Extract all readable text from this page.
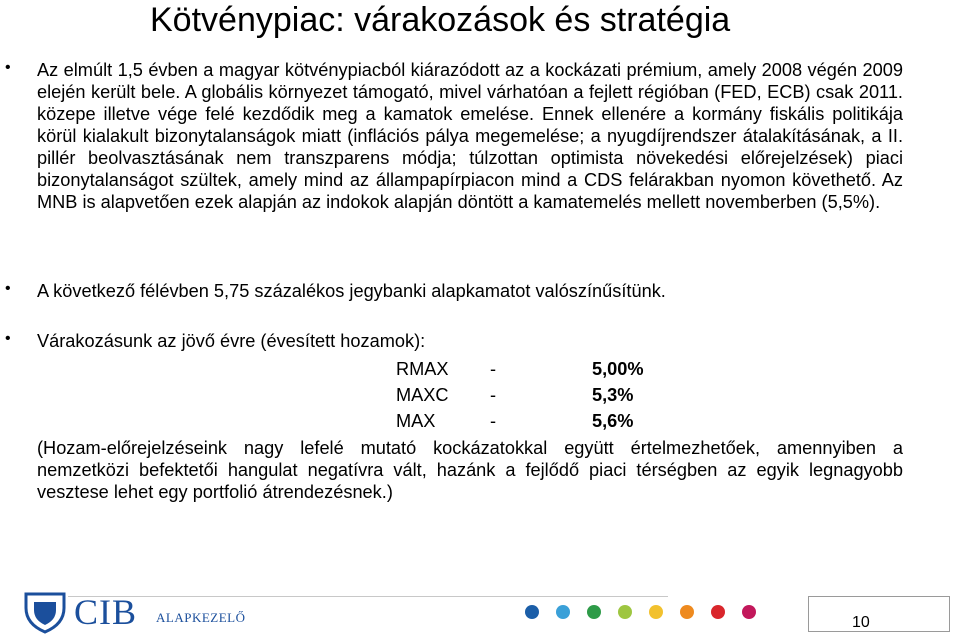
Kötvénypiac: várakozások és stratégia
• Az elmúlt 1,5 évben a magyar kötvénypiacból kiárazódott az a kockázati prémium, amely 2008 végén 2009 elején került bele. A globális környezet támogató, mivel várhatóan a fejlett régióban (FED, ECB) csak 2011. közepe illetve vége felé kezdődik meg a kamatok emelése. Ennek ellenére a kormány fiskális politikája körül kialakult bizonytalanságok miatt (inflációs pálya megemelése; a nyugdíjrendszer átalakításának, a II. pillér beolvasztásának nem transzparens módja; túlzottan optimista növekedési előrejelzések) piaci bizonytalanságot szültek, amely mind az állampapírpiacon mind a CDS felárakban nyomon követhető. Az MNB is alapvetően ezek alapján az indokok alapján döntött a kamatemelés mellett novemberben (5,5%).
• A következő félévben 5,75 százalékos jegybanki alapkamatot valószínűsítünk.
• Várakozásunk az jövő évre (évesített hozamok):
RMAX -	5,00%
MAXC -	5,3%
MAX	-	5,6%
(Hozam-előrejelzéseink nagy lefelé mutató kockázatokkal együtt értelmezhetőek, amennyiben a nemzetközi befektetői hangulat negatívra vált, hazánk a fejlődő piaci térségben az egyik legnagyobb vesztese lehet egy portfolió átrendezésnek.)
CIB ALAPKEZELŐ	10
